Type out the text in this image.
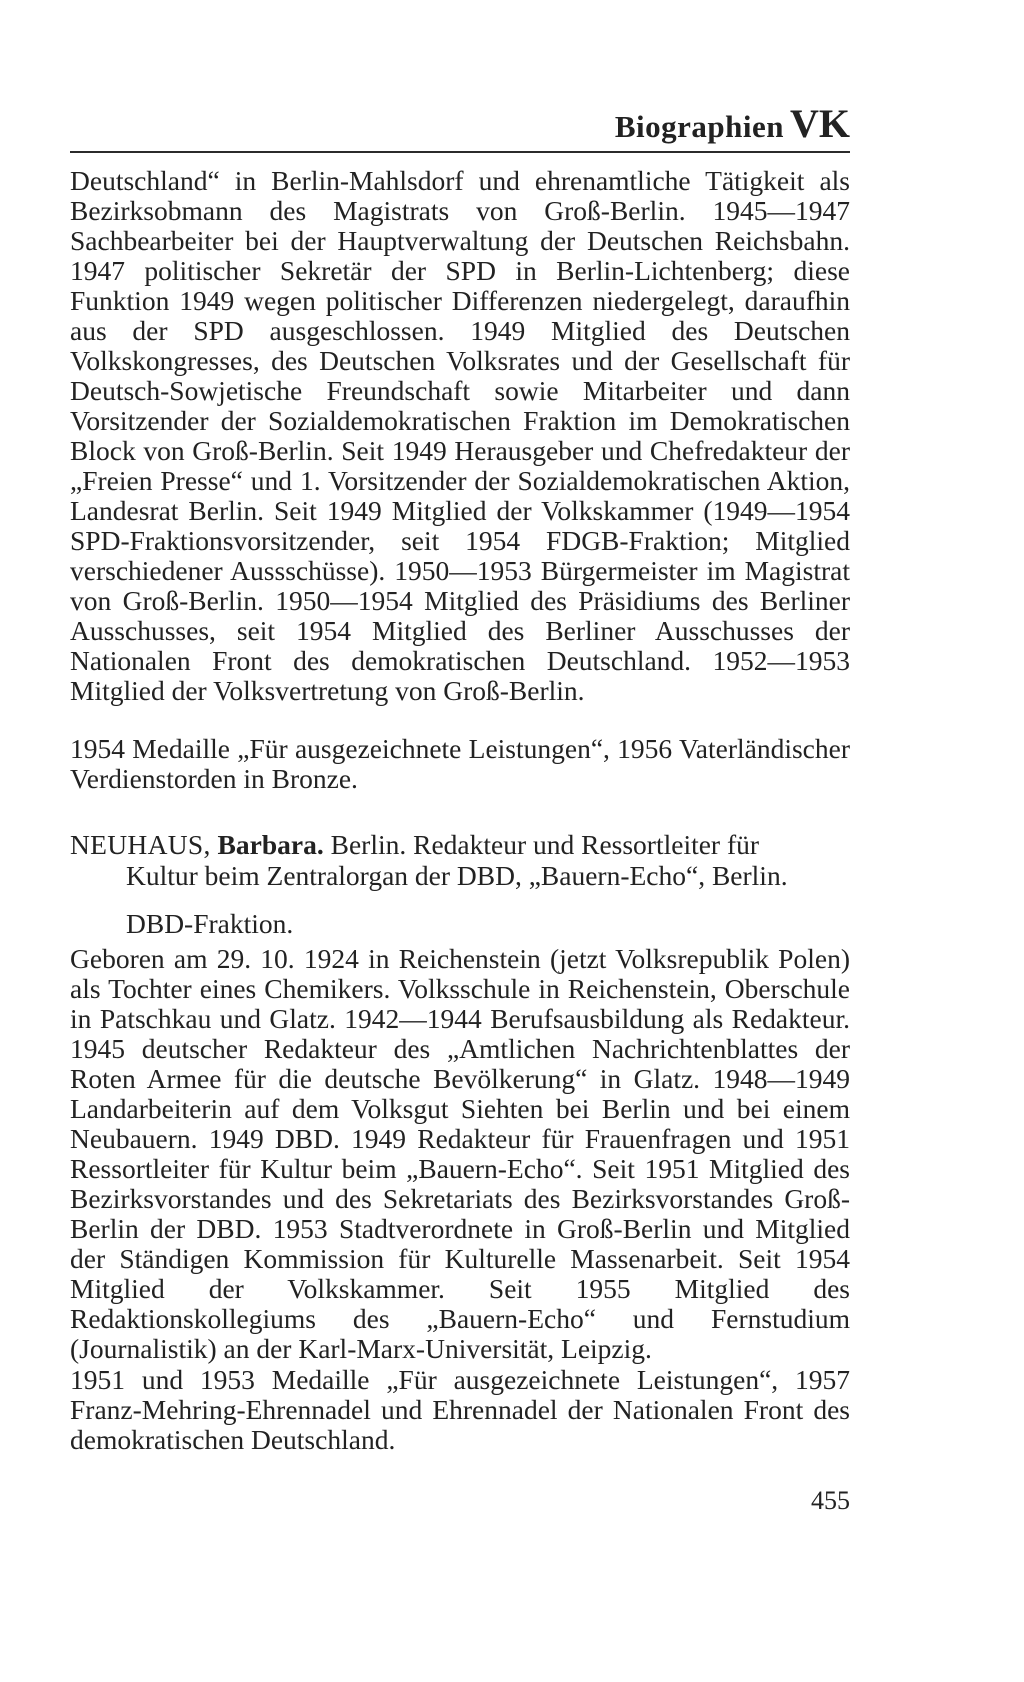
Biographien VK

Deutschland“ in Berlin-Mahlsdorf und ehrenamtliche Tätigkeit als Bezirksobmann des Magistrats von Groß-Berlin. 1945—1947 Sachbearbeiter bei der Hauptverwaltung der Deutschen Reichsbahn. 1947 politischer Sekretär der SPD in Berlin-Lichtenberg; diese Funktion 1949 wegen politischer Differenzen niedergelegt, daraufhin aus der SPD ausgeschlossen. 1949 Mitglied des Deutschen Volkskongresses, des Deutschen Volksrates und der Gesellschaft für Deutsch-Sowjetische Freundschaft sowie Mitarbeiter und dann Vorsitzender der Sozialdemokratischen Fraktion im Demokratischen Block von Groß-Berlin. Seit 1949 Herausgeber und Chefredakteur der „Freien Presse“ und 1. Vorsitzender der Sozialdemokratischen Aktion, Landesrat Berlin. Seit 1949 Mitglied der Volkskammer (1949—1954 SPD-Fraktionsvorsitzender, seit 1954 FDGB-Fraktion; Mitglied verschiedener Aussschüsse). 1950—1953 Bürgermeister im Magistrat von Groß-Berlin. 1950—1954 Mitglied des Präsidiums des Berliner Ausschusses, seit 1954 Mitglied des Berliner Ausschusses der Nationalen Front des demokratischen Deutschland. 1952—1953 Mitglied der Volksvertretung von Groß-Berlin.

1954 Medaille „Für ausgezeichnete Leistungen“, 1956 Vaterländischer Verdienstorden in Bronze.

NEUHAUS, Barbara. Berlin. Redakteur und Ressortleiter für
Kultur beim Zentralorgan der DBD, „Bauern-Echo“, Berlin.
DBD-Fraktion.

Geboren am 29. 10. 1924 in Reichenstein (jetzt Volksrepublik Polen) als Tochter eines Chemikers. Volksschule in Reichenstein, Oberschule in Patschkau und Glatz. 1942—1944 Berufsausbildung als Redakteur. 1945 deutscher Redakteur des „Amtlichen Nachrichtenblattes der Roten Armee für die deutsche Bevölkerung“ in Glatz. 1948—1949 Landarbeiterin auf dem Volksgut Siehten bei Berlin und bei einem Neubauern. 1949 DBD. 1949 Redakteur für Frauenfragen und 1951 Ressortleiter für Kultur beim „Bauern-Echo“. Seit 1951 Mitglied des Bezirksvorstandes und des Sekretariats des Bezirksvorstandes Groß-Berlin der DBD. 1953 Stadtverordnete in Groß-Berlin und Mitglied der Ständigen Kommission für Kulturelle Massenarbeit. Seit 1954 Mitglied der Volkskammer. Seit 1955 Mitglied des Redaktionskollegiums des „Bauern-Echo“ und Fernstudium (Journalistik) an der Karl-Marx-Universität, Leipzig.

1951 und 1953 Medaille „Für ausgezeichnete Leistungen“, 1957 Franz-Mehring-Ehrennadel und Ehrennadel der Nationalen Front des demokratischen Deutschland.

455
